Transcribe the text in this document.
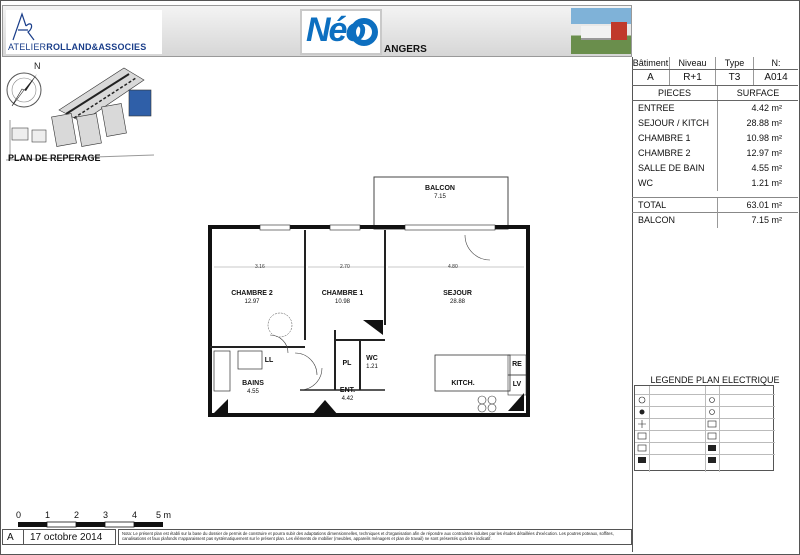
ATELIERROLLAND&ASSOCIES	Néo
ANGERS
N
PLAN DE REPERAGE
BALCON
7.15
CHAMBRE 2
12.97
CHAMBRE 1
10.98
SEJOUR
28.88
BAINS
4.55	ENT.
4.42
WC
1.21
KITCH.
PL	RE
LV
LL
3.16	2.70	4.80
Bâtiment	Niveau	Type	N:
A	R+1	T3	A014
PIECES	SURFACE
ENTREE	4.42 m²
SEJOUR / KITCH	28.88 m²
CHAMBRE 1	10.98 m²
CHAMBRE 2	12.97 m²
SALLE DE BAIN	4.55 m²
WC	1.21 m²
TOTAL	63.01 m²
BALCON	7.15 m²
LEGENDE PLAN ELECTRIQUE
0	1	2	3	4 5 m
A 17 octobre 2014	Nota: Le présent plan est établi sur la base du dossier de permis de construire et pourra subir des adaptations dimensionnelles, techniques et d'organisation afin de répondre aux contraintes induites par les études détaillées d'exécution. Les poutres poteaux, soffites, canalisations et faux plafonds n'apparaissent pas systématiquement sur le présent plan. Les éléments de mobilier (meubles, appareils ménagers et plan de travail) ne sont présentés qu'à titre indicatif.
